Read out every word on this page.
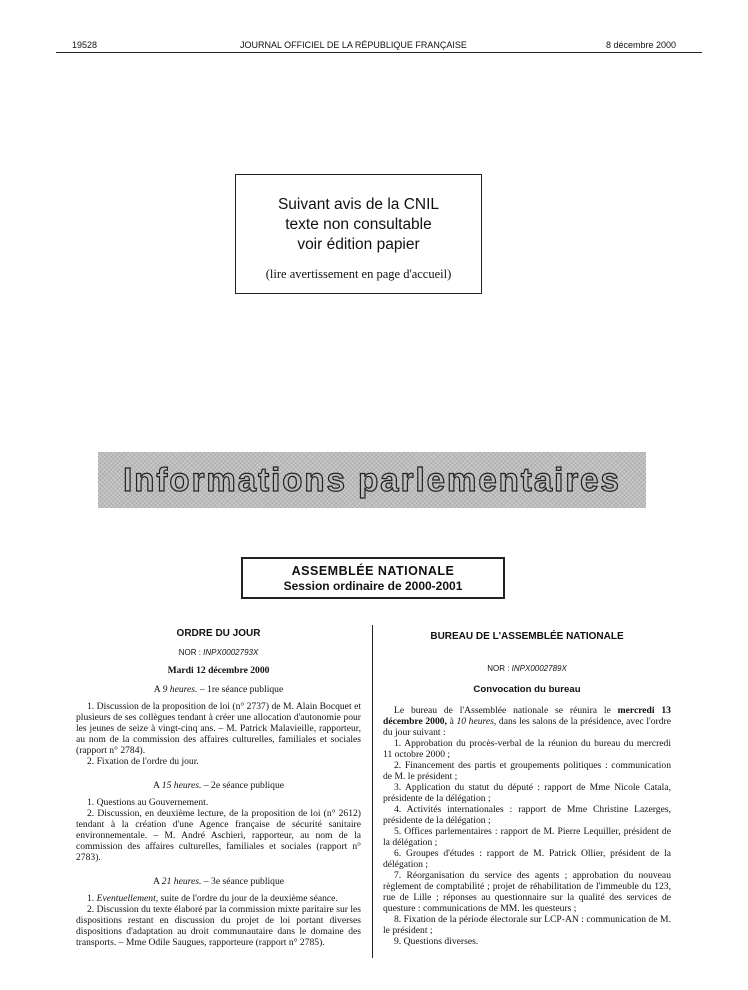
19528	JOURNAL OFFICIEL DE LA RÉPUBLIQUE FRANÇAISE	8 décembre 2000
Suivant avis de la CNIL
texte non consultable
voir édition papier
(lire avertissement en page d'accueil)
Informations parlementaires
ASSEMBLÉE NATIONALE
Session ordinaire de 2000-2001
ORDRE DU JOUR
NOR : INPX0002793X
Mardi 12 décembre 2000
A 9 heures. – 1re séance publique

1. Discussion de la proposition de loi (n° 2737) de M. Alain Bocquet et plusieurs de ses collègues tendant à créer une allocation d'autonomie pour les jeunes de seize à vingt-cinq ans. – M. Patrick Malavieille, rapporteur, au nom de la commission des affaires culturelles, familiales et sociales (rapport n° 2784).

2. Fixation de l'ordre du jour.

A 15 heures. – 2e séance publique

1. Questions au Gouvernement.

2. Discussion, en deuxième lecture, de la proposition de loi (n° 2612) tendant à la création d'une Agence française de sécurité sanitaire environnementale. – M. André Aschieri, rapporteur, au nom de la commission des affaires culturelles, familiales et sociales (rapport n° 2783).

A 21 heures. – 3e séance publique

1. Eventuellement, suite de l'ordre du jour de la deuxième séance.

2. Discussion du texte élaboré par la commission mixte paritaire sur les dispositions restant en discussion du projet de loi portant diverses dispositions d'adaptation au droit communautaire dans le domaine des transports. – Mme Odile Saugues, rapporteure (rapport n° 2785).

BUREAU DE L'ASSEMBLÉE NATIONALE
NOR : INPX0002789X
Convocation du bureau

Le bureau de l'Assemblée nationale se réunira le mercredi 13 décembre 2000, à 10 heures, dans les salons de la présidence, avec l'ordre du jour suivant :

1. Approbation du procès-verbal de la réunion du bureau du mercredi 11 octobre 2000 ;

2. Financement des partis et groupements politiques : communication de M. le président ;

3. Application du statut du député : rapport de Mme Nicole Catala, présidente de la délégation ;

4. Activités internationales : rapport de Mme Christine Lazerges, présidente de la délégation ;

5. Offices parlementaires : rapport de M. Pierre Lequiller, président de la délégation ;

6. Groupes d'études : rapport de M. Patrick Ollier, président de la délégation ;

7. Réorganisation du service des agents ; approbation du nouveau règlement de comptabilité ; projet de réhabilitation de l'immeuble du 123, rue de Lille ; réponses au questionnaire sur la qualité des services de questure : communications de MM. les questeurs ;

8. Fixation de la période électorale sur LCP-AN : communication de M. le président ;

9. Questions diverses.
